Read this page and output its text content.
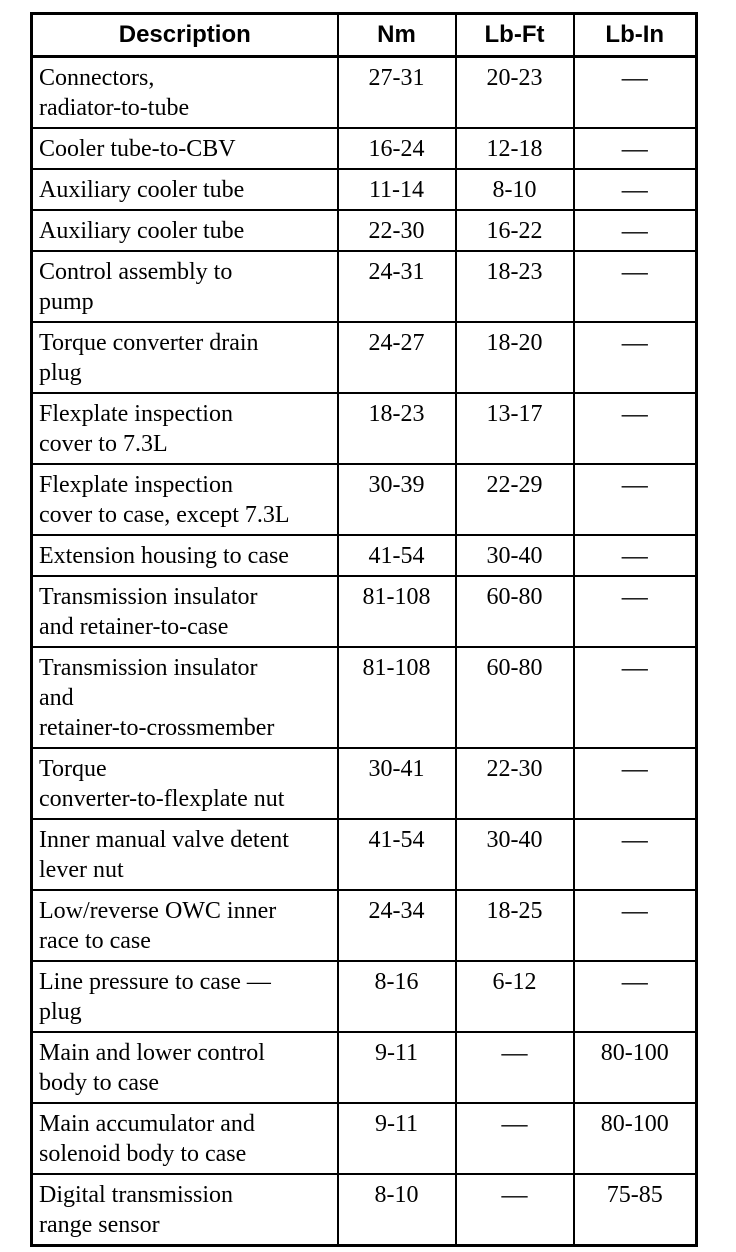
Description	Nm	Lb-Ft	Lb-In
Connectors,
radiator-to-tube	27-31	20-23	—
Cooler tube-to-CBV	16-24	12-18	—
Auxiliary cooler tube	11-14	8-10	—
Auxiliary cooler tube	22-30	16-22	—
Control assembly to
pump	24-31	18-23	—
Torque converter drain
plug	24-27	18-20	—
Flexplate inspection
cover to 7.3L	18-23	13-17	—
Flexplate inspection
cover to case, except 7.3L	30-39	22-29	—
Extension housing to case	41-54	30-40	—
Transmission insulator
and retainer-to-case	81-108	60-80	—
Transmission insulator
and
retainer-to-crossmember	81-108	60-80	—
Torque
converter-to-flexplate nut	30-41	22-30	—
Inner manual valve detent
lever nut	41-54	30-40	—
Low/reverse OWC inner
race to case	24-34	18-25	—
Line pressure to case —
plug	8-16	6-12	—
Main and lower control
body to case	9-11	—	80-100
Main accumulator and
solenoid body to case	9-11	—	80-100
Digital transmission
range sensor	8-10	—	75-85
